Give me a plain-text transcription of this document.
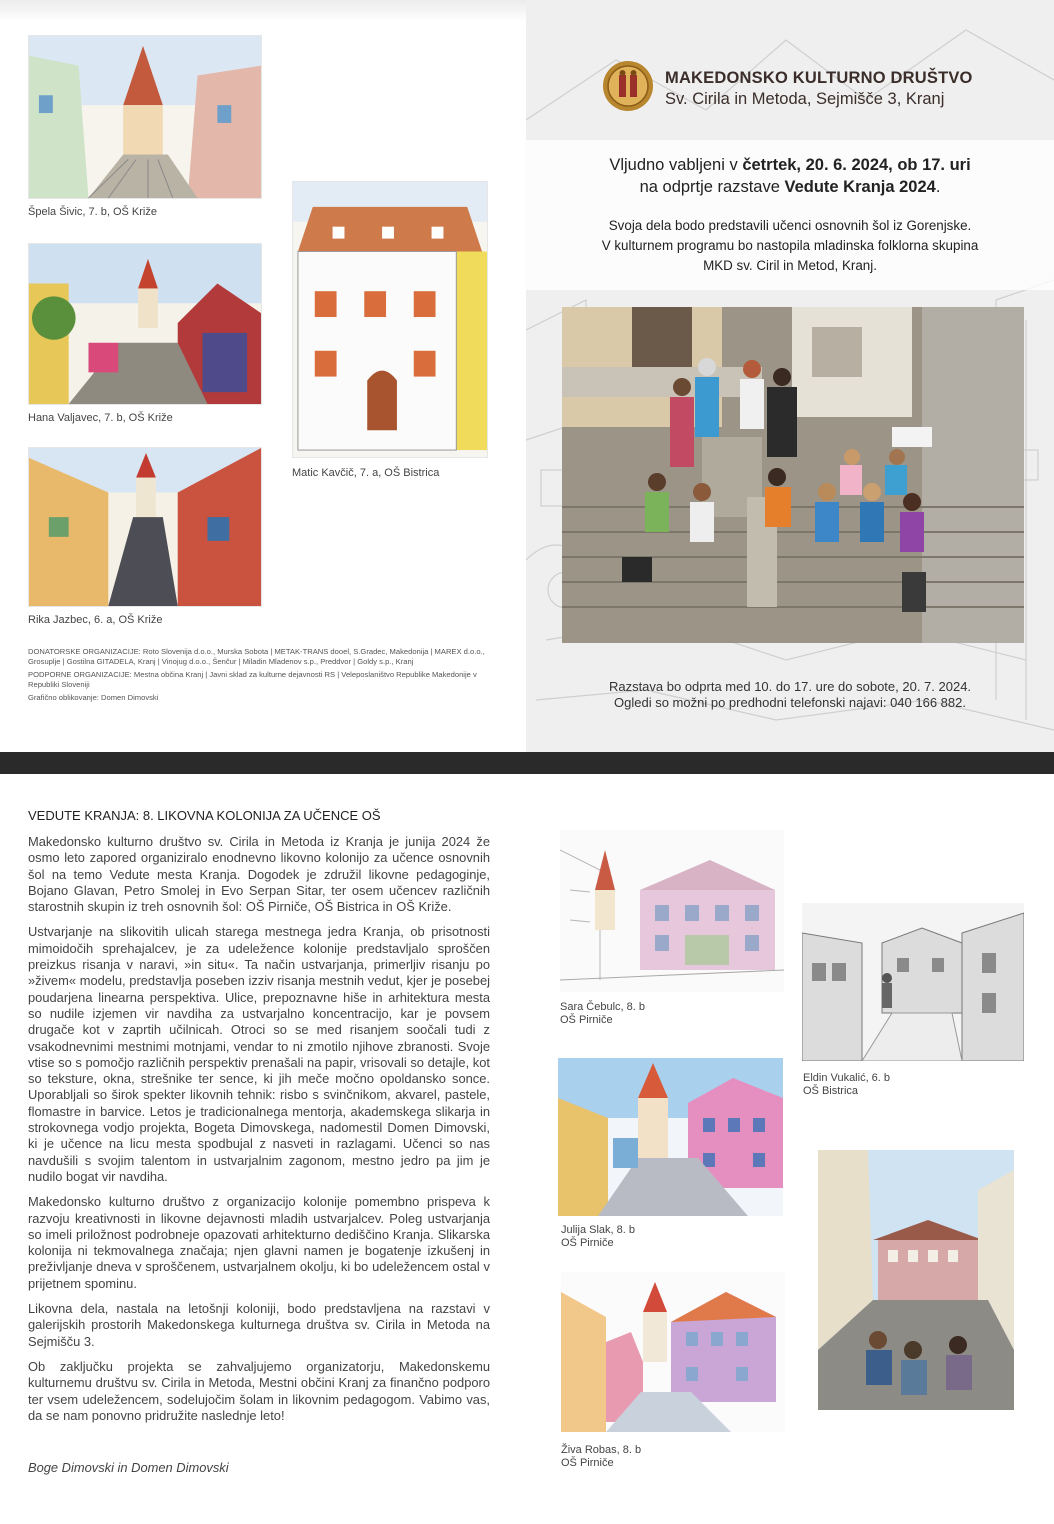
Špela Šivic, 7. b, OŠ Križe
Hana Valjavec, 7. b, OŠ Križe
Rika Jazbec, 6. a, OŠ Križe
Matic Kavčič, 7. a, OŠ Bistrica

DONATORSKE ORGANIZACIJE: Roto Slovenija d.o.o., Murska Sobota | METAK-TRANS dooel, S.Gradec, Makedonija | MAREX d.o.o., Grosuplje | Gostilna GITADELA, Kranj | Vinojug d.o.o., Šenčur | Miladin Mladenov s.p., Preddvor | Goldy s.p., Kranj

PODPORNE ORGANIZACIJE: Mestna občina Kranj | Javni sklad za kulturne dejavnosti RS | Veleposlaništvo Republike Makedonije v Republiki Sloveniji

Grafično oblikovanje: Domen Dimovski

MAKEDONSKO KULTURNO DRUŠTVO
Sv. Cirila in Metoda, Sejmišče 3, Kranj
Vljudno vabljeni v četrtek, 20. 6. 2024, ob 17. uri
na odprtje razstave Vedute Kranja 2024.
Svoja dela bodo predstavili učenci osnovnih šol iz Gorenjske.
V kulturnem programu bo nastopila mladinska folklorna skupina
MKD sv. Ciril in Metod, Kranj.
Razstava bo odprta med 10. do 17. ure do sobote, 20. 7. 2024.
Ogledi so možni po predhodni telefonski najavi: 040 166 882.
VEDUTE KRANJA: 8. LIKOVNA KOLONIJA ZA UČENCE OŠ

Makedonsko kulturno društvo sv. Cirila in Metoda iz Kranja je junija 2024 že osmo leto zapored organiziralo enodnevno likovno kolonijo za učence osnovnih šol na temo Vedute mesta Kranja. Dogodek je združil likovne pedagoginje, Bojano Glavan, Petro Smolej in Evo Serpan Sitar, ter osem učencev različnih starostnih skupin iz treh osnovnih šol: OŠ Pirniče, OŠ Bistrica in OŠ Križe.

Ustvarjanje na slikovitih ulicah starega mestnega jedra Kranja, ob prisotnosti mimoidočih sprehajalcev, je za udeležence kolonije predstavljalo sproščen preizkus risanja v naravi, »in situ«. Ta način ustvarjanja, primerljiv risanju po »živem« modelu, predstavlja poseben izziv risanja mestnih vedut, kjer je posebej poudarjena linearna perspektiva. Ulice, prepoznavne hiše in arhitektura mesta so nudile izjemen vir navdiha za ustvarjalno koncentracijo, kar je povsem drugače kot v zaprtih učilnicah. Otroci so se med risanjem soočali tudi z vsakodnevnimi mestnimi motnjami, vendar to ni zmotilo njihove zbranosti. Svoje vtise so s pomočjo različnih perspektiv prenašali na papir, vrisovali so detajle, kot so teksture, okna, strešnike ter sence, ki jih meče močno opoldansko sonce. Uporabljali so širok spekter likovnih tehnik: risbo s svinčnikom, akvarel, pastele, flomastre in barvice. Letos je tradicionalnega mentorja, akademskega slikarja in strokovnega vodjo projekta, Bogeta Dimovskega, nadomestil Domen Dimovski, ki je učence na licu mesta spodbujal z nasveti in razlagami. Učenci so nas navdušili s svojim talentom in ustvarjalnim zagonom, mestno jedro pa jim je nudilo bogat vir navdiha.

Makedonsko kulturno društvo z organizacijo kolonije pomembno prispeva k razvoju kreativnosti in likovne dejavnosti mladih ustvarjalcev. Poleg ustvarjanja so imeli priložnost podrobneje opazovati arhitekturno dediščino Kranja. Slikarska kolonija ni tekmovalnega značaja; njen glavni namen je bogatenje izkušenj in preživljanje dneva v sproščenem, ustvarjalnem okolju, ki bo udeležencem ostal v prijetnem spominu.

Likovna dela, nastala na letošnji koloniji, bodo predstavljena na razstavi v galerijskih prostorih Makedonskega kulturnega društva sv. Cirila in Metoda na Sejmišču 3.

Ob zaključku projekta se zahvaljujemo organizatorju, Makedonskemu kulturnemu društvu sv. Cirila in Metoda, Mestni občini Kranj za finančno podporo ter vsem udeležencem, sodelujočim šolam in likovnim pedagogom. Vabimo vas, da se nam ponovno pridružite naslednje leto!

Boge Dimovski in Domen Dimovski
Sara Čebulc, 8. b
OŠ Pirniče
Eldin Vukalić, 6. b
OŠ Bistrica
Julija Slak, 8. b
OŠ Pirniče
Živa Robas, 8. b
OŠ Pirniče
